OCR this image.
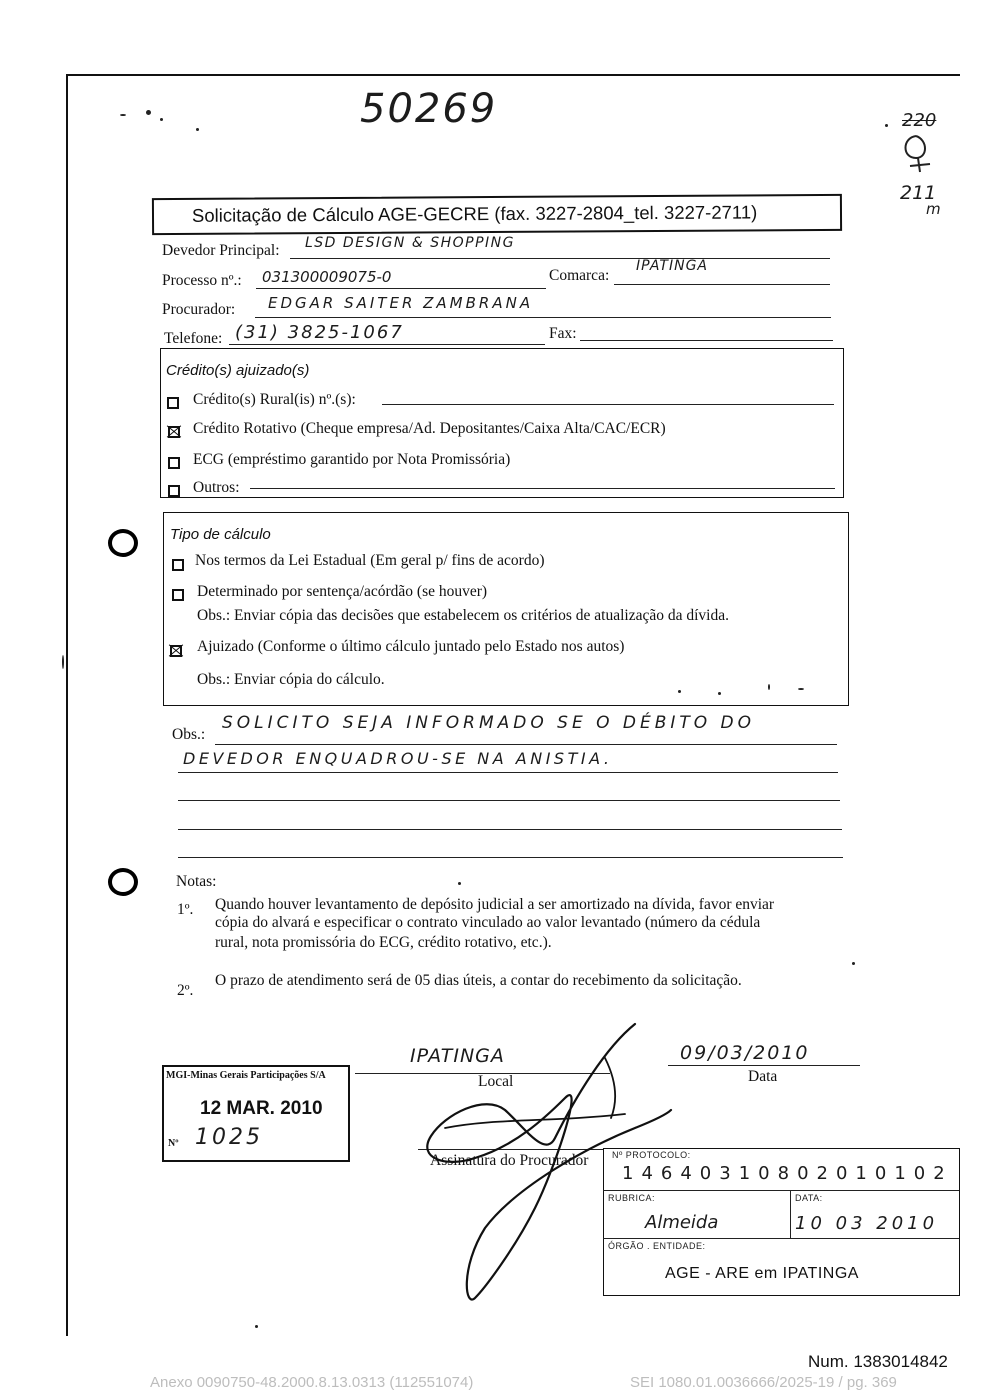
50269	220
211
m
Solicitação de Cálculo AGE-GECRE (fax. 3227-2804_tel. 3227-2711)
Devedor Principal: LSD DESIGN & SHOPPING
Processo nº.: 031300009075-0	Comarca:
IPATINGA
Procurador: EDGAR SAITER ZAMBRANA
Telefone: (31) 3825-1067	Fax:
Crédito(s) ajuizado(s)
Crédito(s) Rural(is) nº.(s):
Crédito Rotativo (Cheque empresa/Ad. Depositantes/Caixa Alta/CAC/ECR)
ECG (empréstimo garantido por Nota Promissória)
Outros:
Tipo de cálculo
Nos termos da Lei Estadual (Em geral p/ fins de acordo)
Determinado por sentença/acórdão (se houver)
Obs.: Enviar cópia das decisões que estabelecem os critérios de atualização da dívida.
Ajuizado (Conforme o último cálculo juntado pelo Estado nos autos)
Obs.: Enviar cópia do cálculo.
Obs.:
SOLICITO SEJA INFORMADO SE O DÉBITO DO
DEVEDOR ENQUADROU-SE NA ANISTIA.
Notas:
1º. Quando houver levantamento de depósito judicial a ser amortizado na dívida, favor enviar
cópia do alvará e especificar o contrato vinculado ao valor levantado (número da cédula
rural, nota promissória do ECG, crédito rotativo, etc.).
2º.
O prazo de atendimento será de 05 dias úteis, a contar do recebimento da solicitação.
IPATINGA
Local
09/03/2010
Data
MGI-Minas Gerais Participações S/A
12 MAR. 2010
Nº 1025
Assinatura do Procurador	Nº PROTOCOLO:
14640310802010102
RUBRICA:	DATA:
Almeida	10 03 2010
ÓRGÃO . ENTIDADE:
AGE - ARE em IPATINGA
Num. 1383014842
Anexo 0090750-48.2000.8.13.0313 (112551074)	SEI 1080.01.0036666/2025-19 / pg. 369
